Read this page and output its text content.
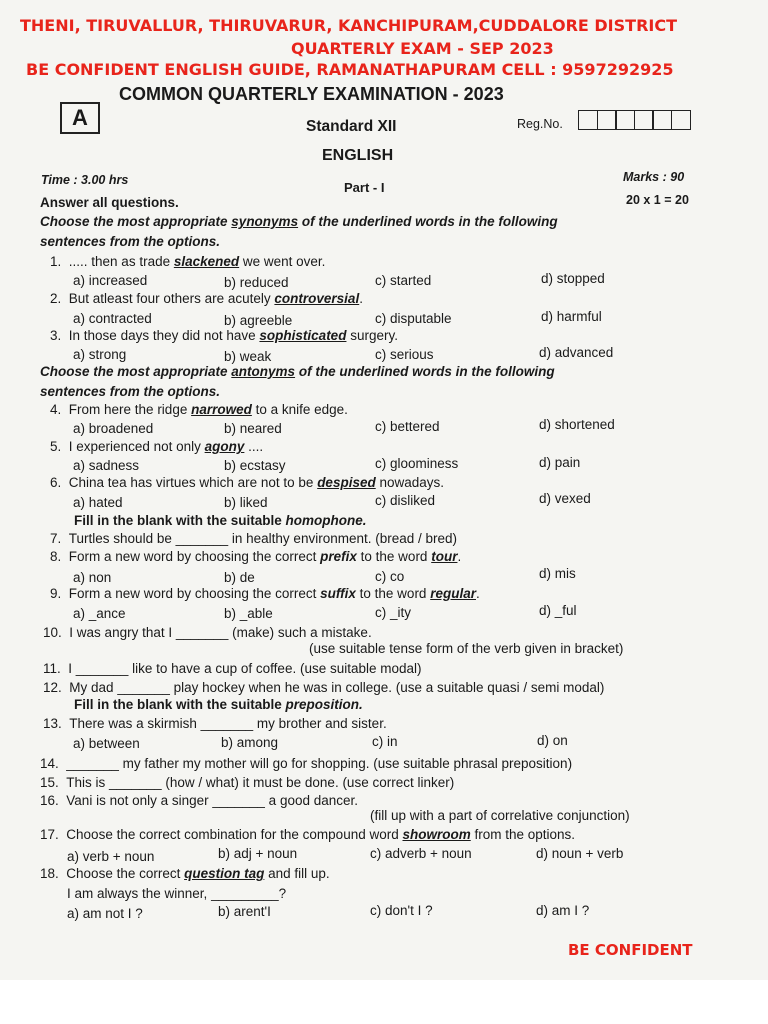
THENI, TIRUVALLUR, THIRUVARUR, KANCHIPURAM,CUDDALORE DISTRICT
QUARTERLY EXAM - SEP 2023
BE CONFIDENT ENGLISH GUIDE, RAMANATHAPURAM CELL : 9597292925
A
COMMON QUARTERLY EXAMINATION - 2023
Standard XII	Reg.No.
ENGLISH
Time : 3.00 hrs	Part - I
Marks : 90
Answer all questions.	20 x 1 = 20
Choose the most appropriate synonyms of the underlined words in the following
sentences from the options.
1. ..... then as trade slackened we went over.
a) increased	b) reduced	c) started	d) stopped
2. But atleast four others are acutely controversial.
a) contracted	b) agreeble	c) disputable	d) harmful
3. In those days they did not have sophisticated surgery.
a) strong	b) weak	c) serious	d) advanced
Choose the most appropriate antonyms of the underlined words in the following
sentences from the options.
4. From here the ridge narrowed to a knife edge.
a) broadened	b) neared	c) bettered	d) shortened
5. I experienced not only agony ....
a) sadness	b) ecstasy	c) gloominess	d) pain
6. China tea has virtues which are not to be despised nowadays.
a) hated	b) liked	c) disliked	d) vexed
Fill in the blank with the suitable homophone.
7. Turtles should be _______ in healthy environment. (bread / bred)
8. Form a new word by choosing the correct prefix to the word tour.
a) non	b) de	c) co	d) mis
9. Form a new word by choosing the correct suffix to the word regular.
a) _ance	b) _able	c) _ity	d) _ful
10. I was angry that I _______ (make) such a mistake.
(use suitable tense form of the verb given in bracket)
11. I _______ like to have a cup of coffee. (use suitable modal)
12. My dad _______ play hockey when he was in college. (use a suitable quasi / semi modal)
Fill in the blank with the suitable preposition.
13. There was a skirmish _______ my brother and sister.
a) between	b) among	c) in	d) on
14. _______ my father my mother will go for shopping. (use suitable phrasal preposition)
15. This is _______ (how / what) it must be done. (use correct linker)
16. Vani is not only a singer _______ a good dancer.
(fill up with a part of correlative conjunction)
17. Choose the correct combination for the compound word showroom from the options.
a) verb + noun	b) adj + noun	c) adverb + noun	d) noun + verb
18. Choose the correct question tag and fill up.
I am always the winner, _________?
a) am not I ?	b) arent'I	c) don't I ?	d) am I ?
BE CONFIDENT
